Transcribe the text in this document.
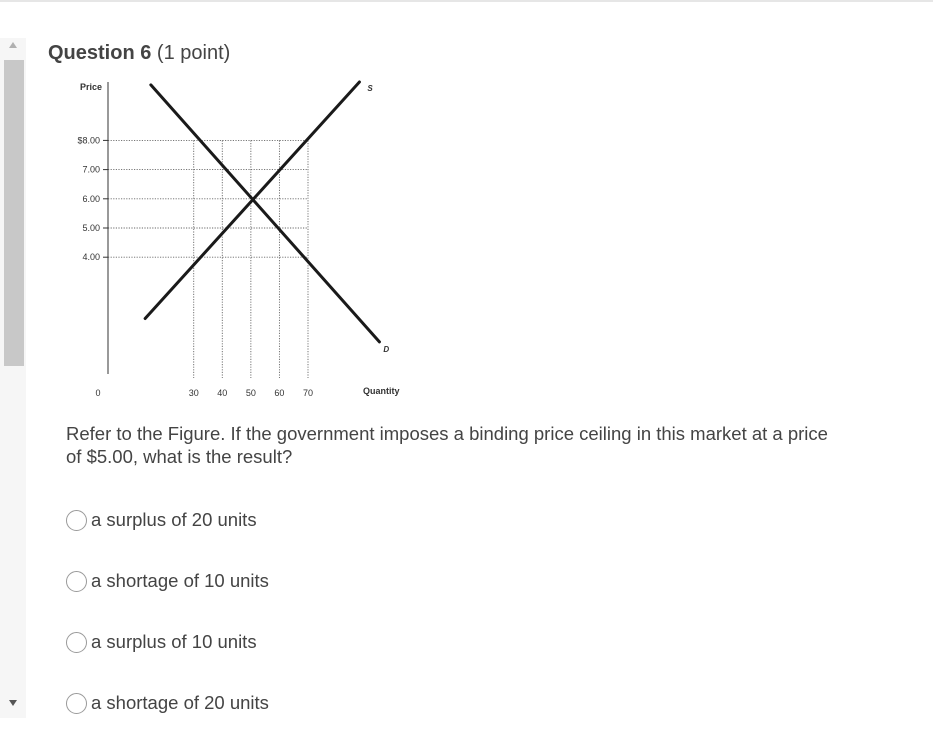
Question 6 (1 point)
$8.00
7.00
6.00
5.00
4.00
30 40 50 60 70
S
D
Price
Quantity
0
Refer to the Figure. If the government imposes a binding price ceiling in this market at a price of $5.00, what is the result?
a surplus of 20 units
a shortage of 10 units
a surplus of 10 units
a shortage of 20 units
